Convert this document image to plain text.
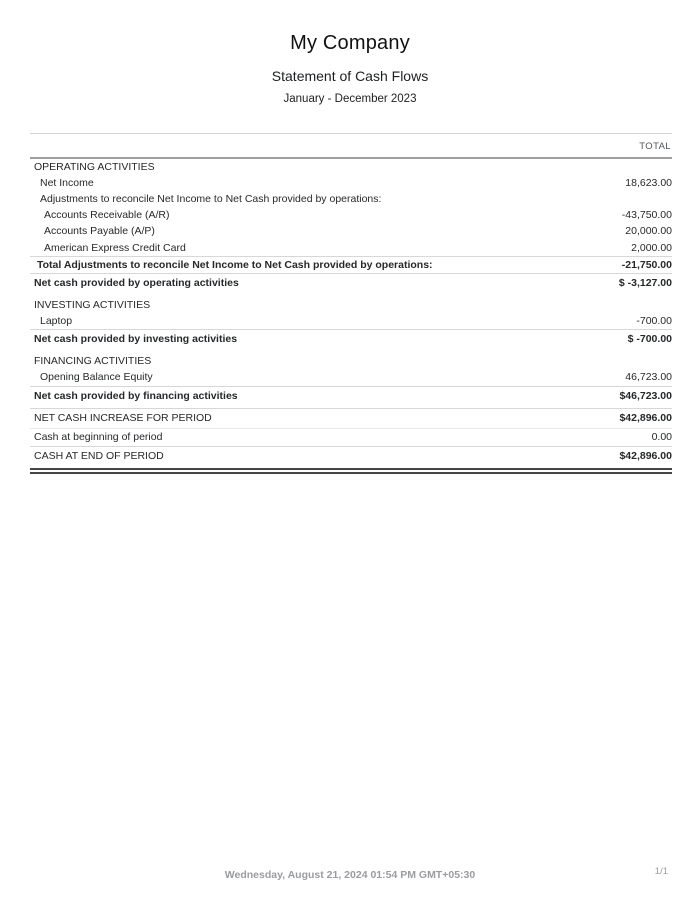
My Company
Statement of Cash Flows
January - December 2023
TOTAL
OPERATING ACTIVITIES
Net Income	18,623.00
Adjustments to reconcile Net Income to Net Cash provided by operations:
Accounts Receivable (A/R)	-43,750.00
Accounts Payable (A/P)	20,000.00
American Express Credit Card	2,000.00
Total Adjustments to reconcile Net Income to Net Cash provided by operations:	-21,750.00
Net cash provided by operating activities	$ -3,127.00
INVESTING ACTIVITIES
Laptop	-700.00
Net cash provided by investing activities	$ -700.00
FINANCING ACTIVITIES
Opening Balance Equity	46,723.00
Net cash provided by financing activities	$46,723.00
NET CASH INCREASE FOR PERIOD	$42,896.00
Cash at beginning of period	0.00
CASH AT END OF PERIOD	$42,896.00
Wednesday, August 21, 2024 01:54 PM GMT+05:30	1/1
